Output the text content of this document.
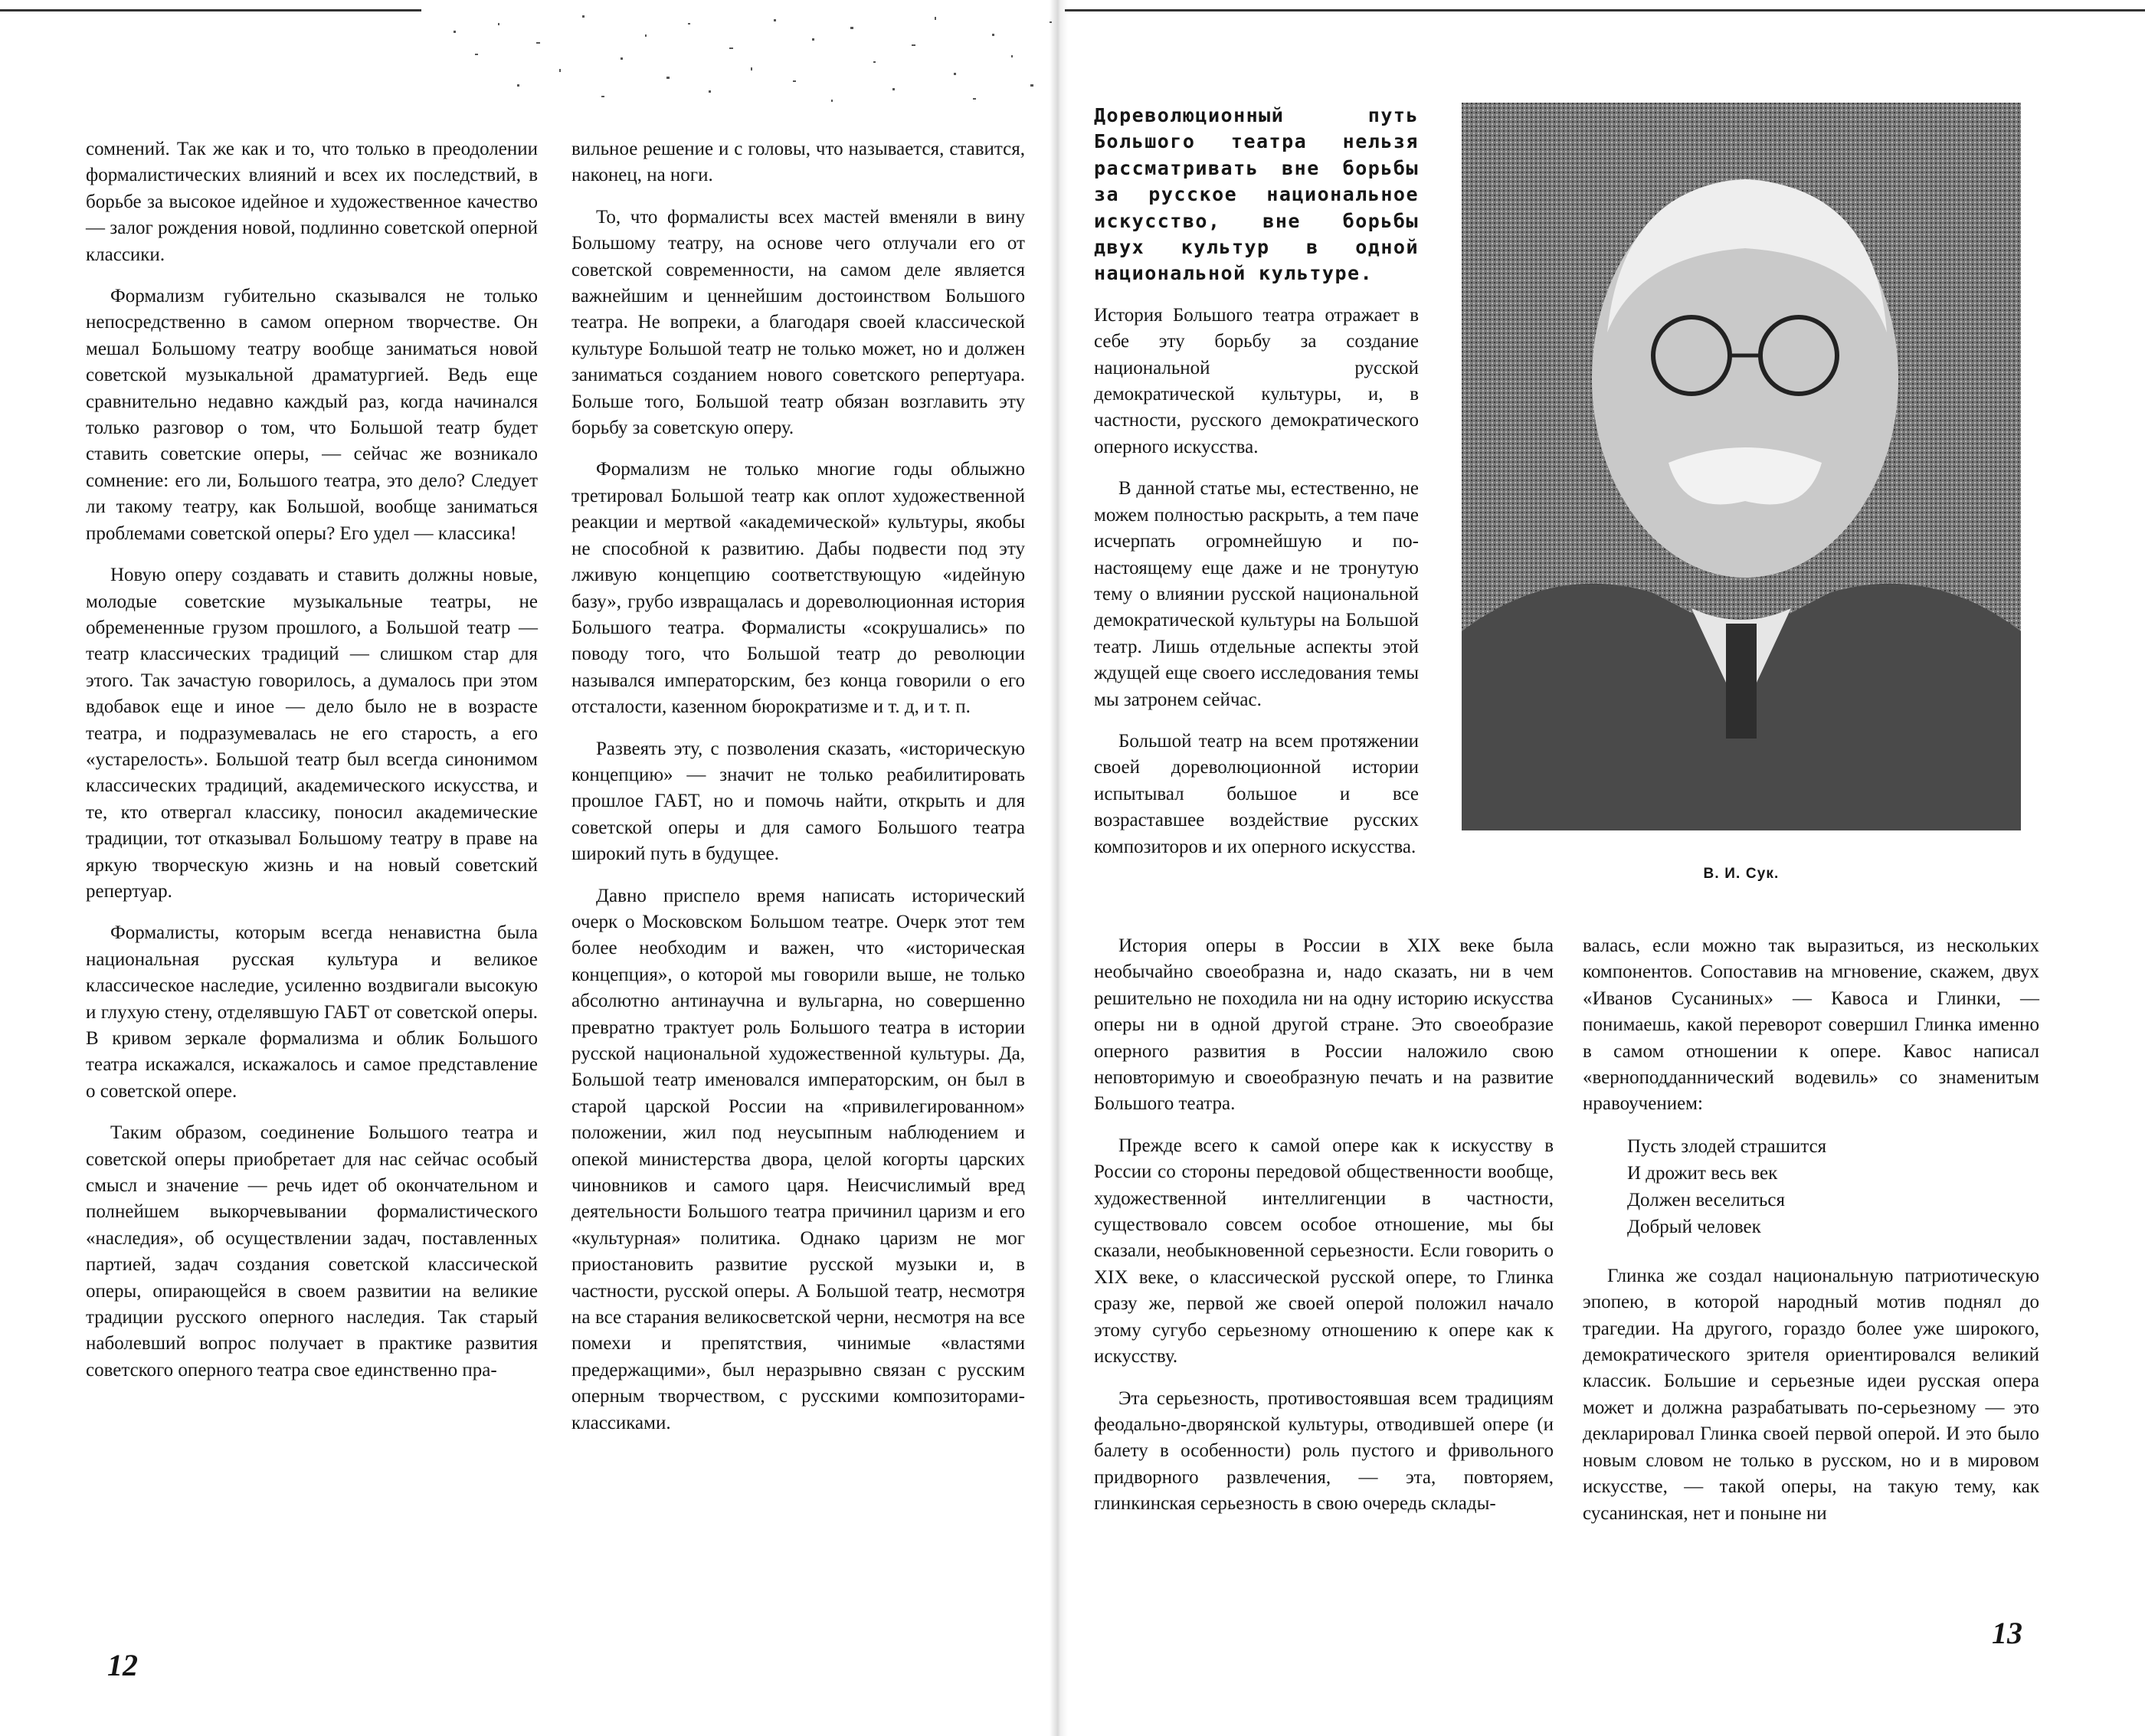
сомнений. Так же как и то, что только в преодолении формалистических влияний и всех их последствий, в борьбе за высокое идейное и художественное качество — залог рождения новой, подлинно советской оперной классики.

Формализм губительно сказывался не только непосредственно в самом оперном творчестве. Он мешал Большому театру вообще заниматься новой советской музыкальной драматургией. Ведь еще сравнительно недавно каждый раз, когда начинался только разговор о том, что Большой театр будет ставить советские оперы, — сейчас же возникало сомнение: его ли, Большого театра, это дело? Следует ли такому театру, как Большой, вообще заниматься проблемами советской оперы? Его удел — классика!

Новую оперу создавать и ставить должны новые, молодые советские музыкальные театры, не обремененные грузом прошлого, а Большой театр — театр классических традиций — слишком стар для этого. Так зачастую говорилось, а думалось при этом вдобавок еще и иное — дело было не в возрасте театра, и подразумевалась не его старость, а его «устарелость». Большой театр был всегда синонимом классических традиций, академического искусства, и те, кто отвергал классику, поносил академические традиции, тот отказывал Большому театру в праве на яркую творческую жизнь и на новый советский репертуар.

Формалисты, которым всегда ненавистна была национальная русская культура и великое классическое наследие, усиленно воздвигали высокую и глухую стену, отделявшую ГАБТ от советской оперы. В кривом зеркале формализма и облик Большого театра искажался, искажалось и самое представление о советской опере.

Таким образом, соединение Большого театра и советской оперы приобретает для нас сейчас особый смысл и значение — речь идет об окончательном и полнейшем выкорчевывании формалистического «наследия», об осуществлении задач, поставленных партией, задач создания советской классической оперы, опирающейся в своем развитии на великие традиции русского оперного наследия. Так старый наболевший вопрос получает в практике развития советского оперного театра свое единственно пра-

вильное решение и с головы, что называется, ставится, наконец, на ноги.

То, что формалисты всех мастей вменяли в вину Большому театру, на основе чего отлучали его от советской современности, на самом деле является важнейшим и ценнейшим достоинством Большого театра. Не вопреки, а благодаря своей классической культуре Большой театр не только может, но и должен заниматься созданием нового советского репертуара. Больше того, Большой театр обязан возглавить эту борьбу за советскую оперу.

Формализм не только многие годы облыжно третировал Большой театр как оплот художественной реакции и мертвой «академической» культуры, якобы не способной к развитию. Дабы подвести под эту лживую концепцию соответствующую «идейную базу», грубо извращалась и дореволюционная история Большого театра. Формалисты «сокрушались» по поводу того, что Большой театр до революции назывался императорским, без конца говорили о его отсталости, казенном бюрократизме и т. д, и т. п.

Развеять эту, с позволения сказать, «историческую концепцию» — значит не только реабилитировать прошлое ГАБТ, но и помочь найти, открыть и для советской оперы и для самого Большого театра широкий путь в будущее.

Давно приспело время написать исторический очерк о Московском Большом театре. Очерк этот тем более необходим и важен, что «историческая концепция», о которой мы говорили выше, не только абсолютно антинаучна и вульгарна, но совершенно превратно трактует роль Большого театра в истории русской национальной художественной культуры. Да, Большой театр именовался императорским, он был в старой царской России на «привилегированном» положении, жил под неусыпным наблюдением и опекой министерства двора, целой когорты царских чиновников и самого царя. Неисчислимый вред деятельности Большого театра причинил царизм и его «культурная» политика. Однако царизм не мог приостановить развитие русской музыки и, в частности, русской оперы. А Большой театр, несмотря на все старания великосветской черни, несмотря на все помехи и препятствия, чинимые «властями предержащими», был неразрывно связан с русским оперным творчеством, с русскими композиторами-классиками.

12

Дореволюционный путь Большого театра нельзя рассматривать вне борьбы за русское национальное искусство, вне борьбы двух культур в одной национальной культуре.

История Большого театра отражает в себе эту борьбу за создание национальной русской демократической культуры, и, в частности, русского демократического оперного искусства.

В данной статье мы, естественно, не можем полностью раскрыть, а тем паче исчерпать огромнейшую и по-настоящему еще даже и не тронутую тему о влиянии русской национальной демократической культуры на Большой театр. Лишь отдельные аспекты этой ждущей еще своего исследования темы мы затронем сейчас.

Большой театр на всем протяжении своей дореволюционной истории испытывал большое и все возраставшее воздействие русских композиторов и их оперного искусства.

История оперы в России в XIX веке была необычайно своеобразна и, надо сказать, ни в чем решительно не походила ни на одну историю искусства оперы ни в одной другой стране. Это своеобразие оперного развития в России наложило свою неповторимую и своеобразную печать и на развитие Большого театра.

Прежде всего к самой опере как к искусству в России со стороны передовой общественности вообще, художественной интеллигенции в частности, существовало совсем особое отношение, мы бы сказали, необыкновенной серьезности. Если говорить о XIX веке, о классической русской опере, то Глинка сразу же, первой же своей оперой положил начало этому сугубо серьезному отношению к опере как к искусству.

Эта серьезность, противостоявшая всем традициям феодально-дворянской культуры, отводившей опере (и балету в особенности) роль пустого и фривольного придворного развлечения, — эта, повторяем, глинкинская серьезность в свою очередь склады-

В. И. Сук.

валась, если можно так выразиться, из нескольких компонентов. Сопоставив на мгновение, скажем, двух «Иванов Сусаниных» — Кавоса и Глинки, — понимаешь, какой переворот совершил Глинка именно в самом отношении к опере. Кавос написал «верноподданнический водевиль» со знаменитым нравоучением:

Пусть злодей страшится
И дрожит весь век
Должен веселиться
Добрый человек

Глинка же создал национальную патриотическую эпопею, в которой народный мотив поднял до трагедии. На другого, гораздо более уже широкого, демократического зрителя ориентировался великий классик. Большие и серьезные идеи русская опера может и должна разрабатывать по-серьезному — это декларировал Глинка своей первой оперой. И это было новым словом не только в русском, но и в мировом искусстве, — такой оперы, на такую тему, как сусанинская, нет и поныне ни

13
